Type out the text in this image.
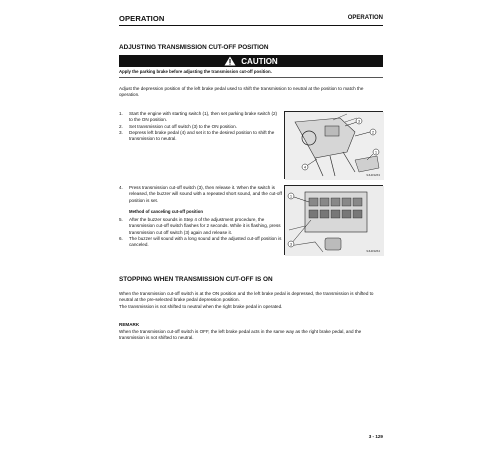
OPERATION	OPERATION
ADJUSTING TRANSMISSION CUT-OFF POSITION
CAUTION
Apply the parking brake before adjusting the transmission cut-off position.
Adjust the depression position of the left brake pedal used to shift the transmission to neutral at the position to match the operation.
1.	Start the engine with starting switch (1), then set parking brake switch (2) to the ON position.
2.	Set transmission cut off switch (3) to the ON position.
3.	Depress left brake pedal (4) and set it to the desired position to shift the transmission to neutral.
4
3
2
1
9JH03263
4.	Press transmission cut-off switch (3), then release it. When the switch is released, the buzzer will sound with a repeated short sound, and the cut-off position is set.
Method of canceling cut-off position
5.	After the buzzer sounds in Step 4 of the adjustment procedure, the transmission cut-off switch flashes for 2 seconds. While it is flashing, press transmission cut off switch (3) again and release it.
6.	The buzzer will sound with a long sound and the adjusted cut-off position is canceled.
1
3
9JH03264
STOPPING WHEN TRANSMISSION CUT-OFF IS ON
When the transmission cut-off switch is at the ON position and the left brake pedal is depressed, the transmission is shifted to neutral at the pre-selected brake pedal depression position.
The transmission is not shifted to neutral when the right brake pedal in operated.
REMARK
When the transmission cut-off switch is OFF, the left brake pedal acts in the same way as the right brake pedal, and the transmission is not shifted to neutral.
3 - 129
